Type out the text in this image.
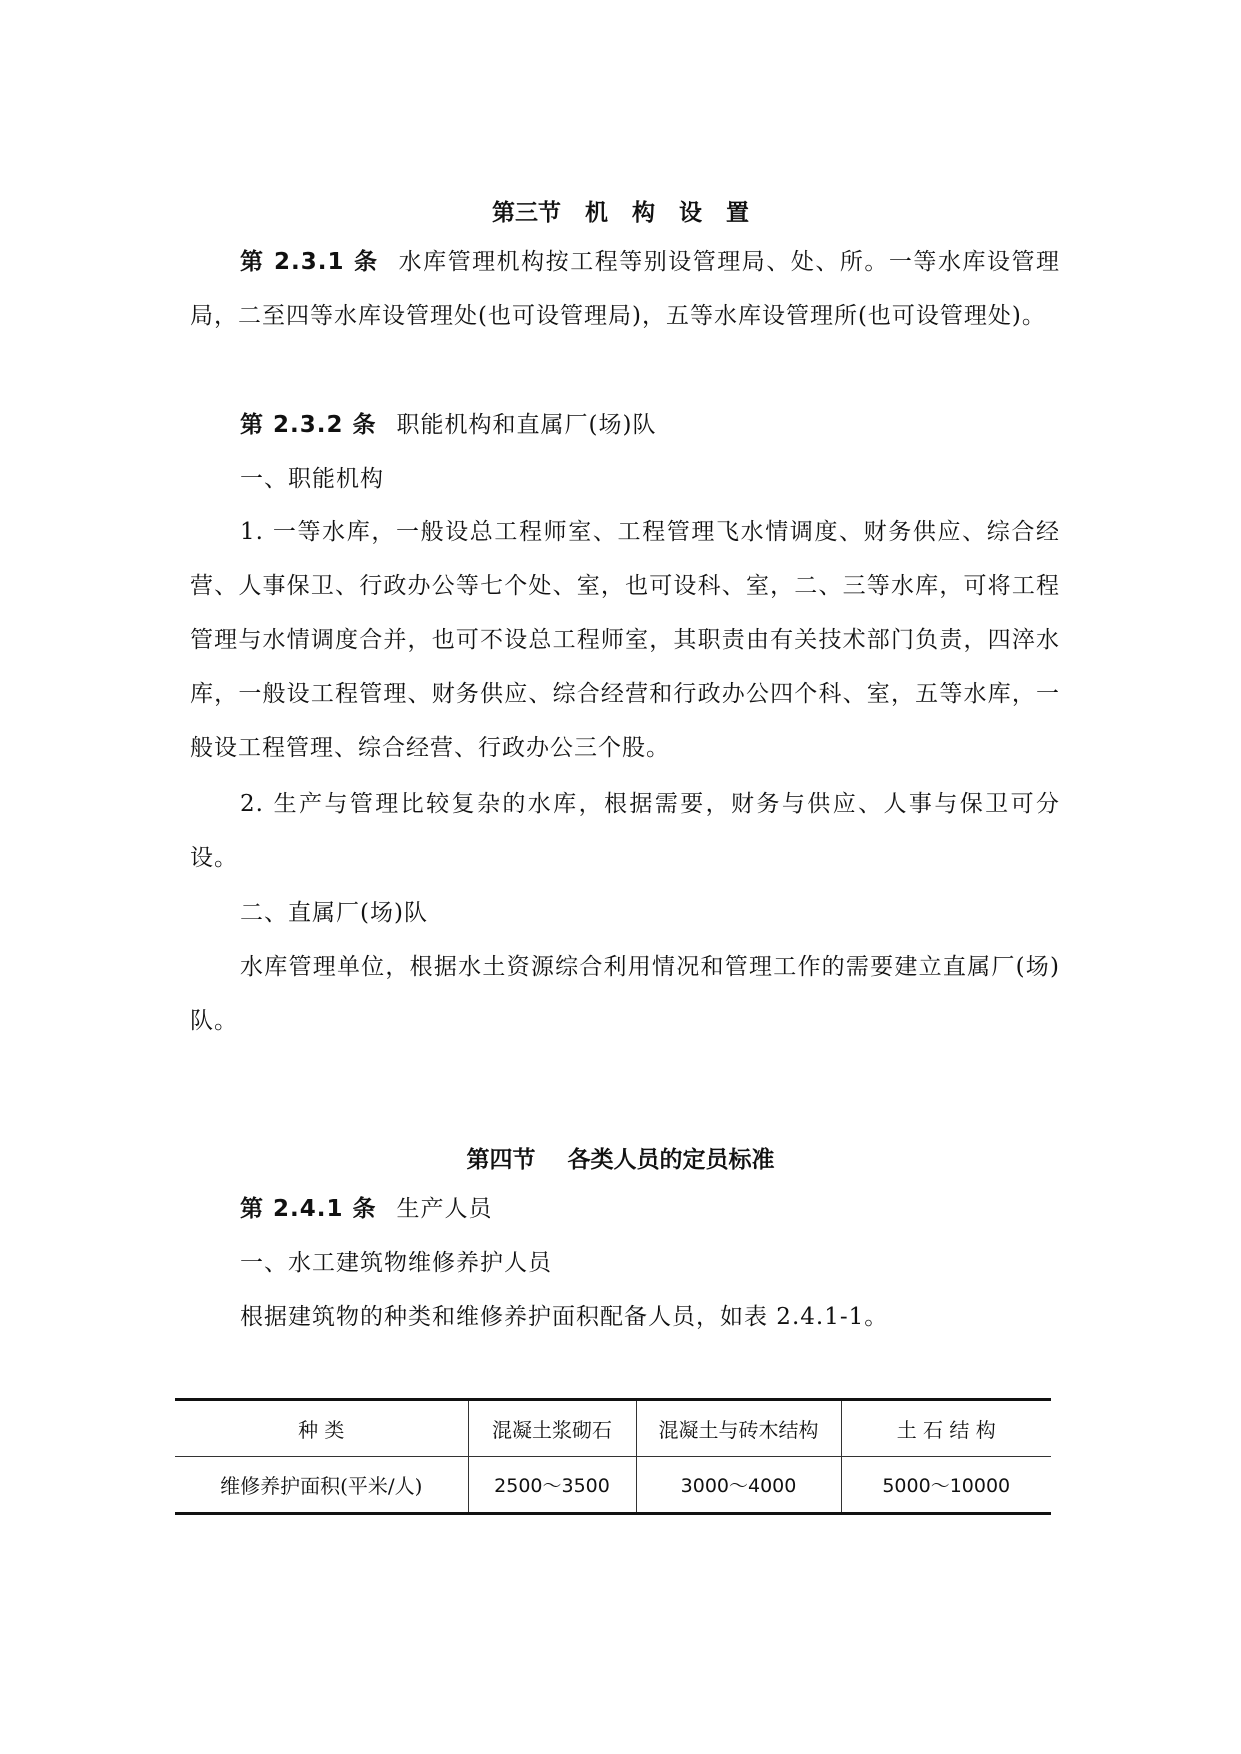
第三节   机   构   设   置
第 2.3.1 条 水库管理机构按工程等别设管理局、处、所。一等水库设管理局，二至四等水库设管理处(也可设管理局)，五等水库设管理所(也可设管理处)。
第 2.3.2 条 职能机构和直属厂(场)队
一、职能机构
1. 一等水库，一般设总工程师室、工程管理飞水情调度、财务供应、综合经营、人事保卫、行政办公等七个处、室，也可设科、室，二、三等水库，可将工程管理与水情调度合并，也可不设总工程师室，其职责由有关技术部门负责，四淬水库，一般设工程管理、财务供应、综合经营和行政办公四个科、室，五等水库，一般设工程管理、综合经营、行政办公三个股。
2. 生产与管理比较复杂的水库，根据需要，财务与供应、人事与保卫可分设。
二、直属厂(场)队
水库管理单位，根据水土资源综合利用情况和管理工作的需要建立直属厂(场)队。
第四节    各类人员的定员标准
第 2.4.1 条 生产人员
一、水工建筑物维修养护人员
根据建筑物的种类和维修养护面积配备人员，如表 2.4.1-1。
种 类	混凝土浆砌石	混凝土与砖木结构	土 石 结 构
维修养护面积(平米/人)	2500～3500	3000～4000	5000～10000
